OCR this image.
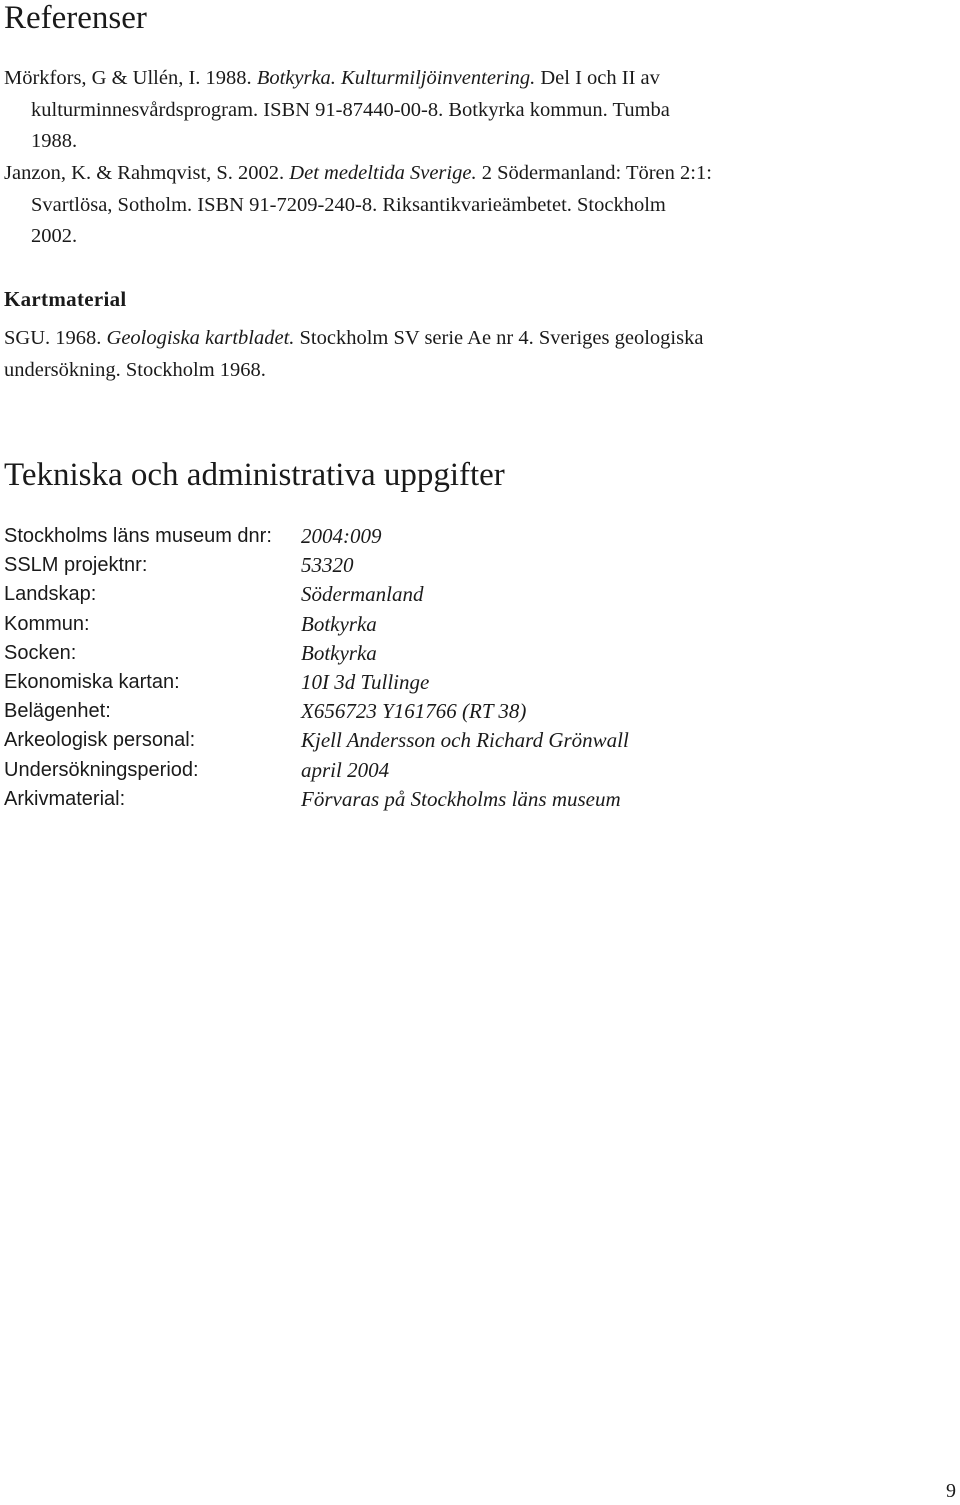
Referenser

Mörkfors, G & Ullén, I. 1988. Botkyrka. Kulturmiljöinventering. Del I och II av
kulturminnesvårdsprogram. ISBN 91-87440-00-8. Botkyrka kommun. Tumba
1988.

Janzon, K. & Rahmqvist, S. 2002. Det medeltida Sverige. 2 Södermanland: Tören 2:1:
Svartlösa, Sotholm. ISBN 91-7209-240-8. Riksantikvarieämbetet. Stockholm
2002.

Kartmaterial

SGU. 1968. Geologiska kartbladet. Stockholm SV serie Ae nr 4. Sveriges geologiska
undersökning. Stockholm 1968.

Tekniska och administrativa uppgifter
Stockholms läns museum dnr:	2004:009
SSLM projektnr:	53320
Landskap:	Södermanland
Kommun:	Botkyrka
Socken:	Botkyrka
Ekonomiska kartan:	10I 3d Tullinge
Belägenhet:	X656723 Y161766 (RT 38)
Arkeologisk personal:	Kjell Andersson och Richard Grönwall
Undersökningsperiod:	april 2004
Arkivmaterial:	Förvaras på Stockholms läns museum
9
